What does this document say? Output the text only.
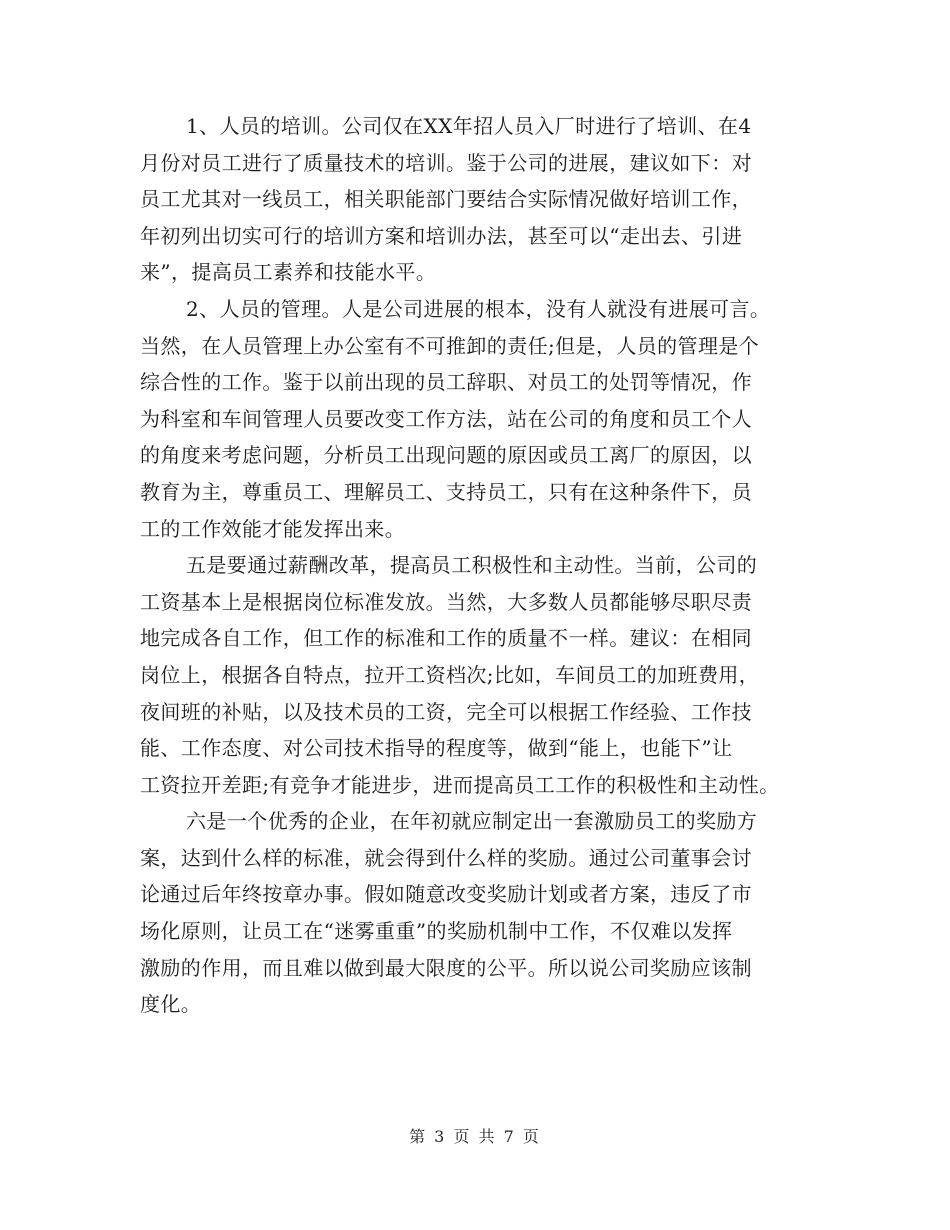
1、人员的培训。公司仅在XX年招人员入厂时进行了培训、在4
月份对员工进行了质量技术的培训。鉴于公司的进展，建议如下：对
员工尤其对一线员工，相关职能部门要结合实际情况做好培训工作，
年初列出切实可行的培训方案和培训办法，甚至可以“走出去、引进
来”，提高员工素养和技能水平。
2、人员的管理。人是公司进展的根本，没有人就没有进展可言。
当然，在人员管理上办公室有不可推卸的责任;但是，人员的管理是个
综合性的工作。鉴于以前出现的员工辞职、对员工的处罚等情况，作
为科室和车间管理人员要改变工作方法，站在公司的角度和员工个人
的角度来考虑问题，分析员工出现问题的原因或员工离厂的原因，以
教育为主，尊重员工、理解员工、支持员工，只有在这种条件下，员
工的工作效能才能发挥出来。
五是要通过薪酬改革，提高员工积极性和主动性。当前，公司的
工资基本上是根据岗位标准发放。当然，大多数人员都能够尽职尽责
地完成各自工作，但工作的标准和工作的质量不一样。建议：在相同
岗位上，根据各自特点，拉开工资档次;比如，车间员工的加班费用，
夜间班的补贴，以及技术员的工资，完全可以根据工作经验、工作技
能、工作态度、对公司技术指导的程度等，做到“能上，也能下”让
工资拉开差距;有竞争才能进步，进而提高员工工作的积极性和主动性。
六是一个优秀的企业，在年初就应制定出一套激励员工的奖励方
案，达到什么样的标准，就会得到什么样的奖励。通过公司董事会讨
论通过后年终按章办事。假如随意改变奖励计划或者方案，违反了市
场化原则，让员工在“迷雾重重”的奖励机制中工作，不仅难以发挥
激励的作用，而且难以做到最大限度的公平。所以说公司奖励应该制
度化。
第 3 页 共 7 页
